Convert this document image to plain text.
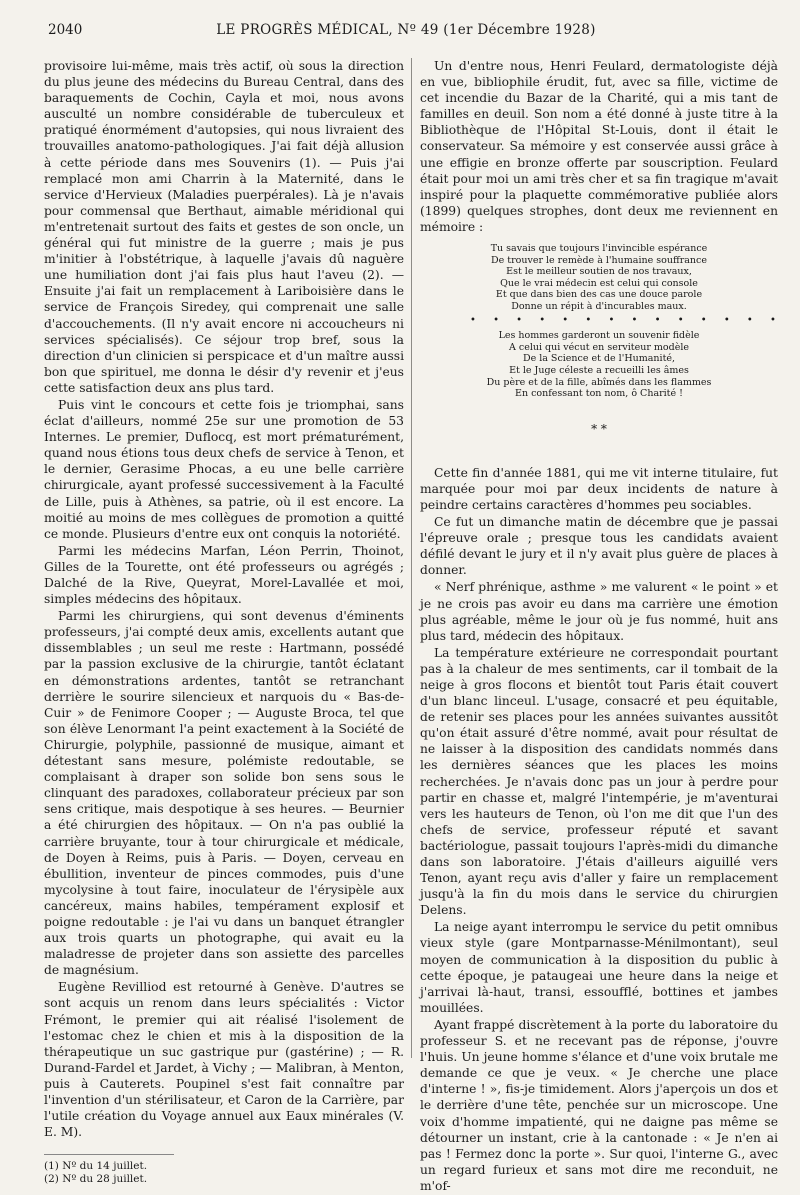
2040	LE PROGRÈS MÉDICAL, Nº 49 (1er Décembre 1928)

provisoire lui-même, mais très actif, où sous la direction du plus jeune des médecins du Bureau Central, dans des baraquements de Cochin, Cayla et moi, nous avons ausculté un nombre considérable de tuberculeux et pratiqué énormément d'autopsies, qui nous livraient des trouvailles anatomo-pathologiques. J'ai fait déjà allusion à cette période dans mes Souvenirs (1). — Puis j'ai remplacé mon ami Charrin à la Maternité, dans le service d'Hervieux (Maladies puerpérales). Là je n'avais pour commensal que Berthaut, aimable méridional qui m'entretenait surtout des faits et gestes de son oncle, un général qui fut ministre de la guerre ; mais je pus m'initier à l'obstétrique, à laquelle j'avais dû naguère une humiliation dont j'ai fais plus haut l'aveu (2). — Ensuite j'ai fait un remplacement à Lariboisière dans le service de François Siredey, qui comprenait une salle d'accouchements. (Il n'y avait encore ni accoucheurs ni services spécialisés). Ce séjour trop bref, sous la direction d'un clinicien si perspicace et d'un maître aussi bon que spirituel, me donna le désir d'y revenir et j'eus cette satisfaction deux ans plus tard.

Puis vint le concours et cette fois je triomphai, sans éclat d'ailleurs, nommé 25e sur une promotion de 53 Internes. Le premier, Duflocq, est mort prématurément, quand nous étions tous deux chefs de service à Tenon, et le dernier, Gerasime Phocas, a eu une belle carrière chirurgicale, ayant professé successivement à la Faculté de Lille, puis à Athènes, sa patrie, où il est encore. La moitié au moins de mes collègues de promotion a quitté ce monde. Plusieurs d'entre eux ont conquis la notoriété.

Parmi les médecins Marfan, Léon Perrin, Thoinot, Gilles de la Tourette, ont été professeurs ou agrégés ; Dalché de la Rive, Queyrat, Morel-Lavallée et moi, simples médecins des hôpitaux.

Parmi les chirurgiens, qui sont devenus d'éminents professeurs, j'ai compté deux amis, excellents autant que dissemblables ; un seul me reste : Hartmann, possédé par la passion exclusive de la chirurgie, tantôt éclatant en démonstrations ardentes, tantôt se retranchant derrière le sourire silencieux et narquois du « Bas-de-Cuir » de Fenimore Cooper ; — Auguste Broca, tel que son élève Lenormant l'a peint exactement à la Société de Chirurgie, polyphile, passionné de musique, aimant et détestant sans mesure, polémiste redoutable, se complaisant à draper son solide bon sens sous le clinquant des paradoxes, collaborateur précieux par son sens critique, mais despotique à ses heures. — Beurnier a été chirurgien des hôpitaux. — On n'a pas oublié la carrière bruyante, tour à tour chirurgicale et médicale, de Doyen à Reims, puis à Paris. — Doyen, cerveau en ébullition, inventeur de pinces commodes, puis d'une mycolysine à tout faire, inoculateur de l'érysipèle aux cancéreux, mains habiles, tempérament explosif et poigne redoutable : je l'ai vu dans un banquet étrangler aux trois quarts un photographe, qui avait eu la maladresse de projeter dans son assiette des parcelles de magnésium.

Eugène Revilliod est retourné à Genève. D'autres se sont acquis un renom dans leurs spécialités : Victor Frémont, le premier qui ait réalisé l'isolement de l'estomac chez le chien et mis à la disposition de la thérapeutique un suc gastrique pur (gastérine) ; — R. Durand-Fardel et Jardet, à Vichy ; — Malibran, à Menton, puis à Cauterets. Poupinel s'est fait connaître par l'invention d'un stérilisateur, et Caron de la Carrière, par l'utile création du Voyage annuel aux Eaux minérales (V. E. M).

(1) Nº du 14 juillet.
(2) Nº du 28 juillet.

Un d'entre nous, Henri Feulard, dermatologiste déjà en vue, bibliophile érudit, fut, avec sa fille, victime de cet incendie du Bazar de la Charité, qui a mis tant de familles en deuil. Son nom a été donné à juste titre à la Bibliothèque de l'Hôpital St-Louis, dont il était le conservateur. Sa mémoire y est conservée aussi grâce à une effigie en bronze offerte par souscription. Feulard était pour moi un ami très cher et sa fin tragique m'avait inspiré pour la plaquette commémorative publiée alors (1899) quelques strophes, dont deux me reviennent en mémoire :

Tu savais que toujours l'invincible espérance
De trouver le remède à l'humaine souffrance
Est le meilleur soutien de nos travaux,
Que le vrai médecin est celui qui console
Et que dans bien des cas une douce parole
Donne un répit à d'incurables maux.
• • • • • • • • • • • • • •
Les hommes garderont un souvenir fidèle
A celui qui vécut en serviteur modèle
De la Science et de l'Humanité,
Et le Juge céleste a recueilli les âmes
Du père et de la fille, abîmés dans les flammes
En confessant ton nom, ô Charité !
* *

Cette fin d'année 1881, qui me vit interne titulaire, fut marquée pour moi par deux incidents de nature à peindre certains caractères d'hommes peu sociables.

Ce fut un dimanche matin de décembre que je passai l'épreuve orale ; presque tous les candidats avaient défilé devant le jury et il n'y avait plus guère de places à donner.

« Nerf phrénique, asthme » me valurent « le point » et je ne crois pas avoir eu dans ma carrière une émotion plus agréable, même le jour où je fus nommé, huit ans plus tard, médecin des hôpitaux.

La température extérieure ne correspondait pourtant pas à la chaleur de mes sentiments, car il tombait de la neige à gros flocons et bientôt tout Paris était couvert d'un blanc linceul. L'usage, consacré et peu équitable, de retenir ses places pour les années suivantes aussitôt qu'on était assuré d'être nommé, avait pour résultat de ne laisser à la disposition des candidats nommés dans les dernières séances que les places les moins recherchées. Je n'avais donc pas un jour à perdre pour partir en chasse et, malgré l'intempérie, je m'aventurai vers les hauteurs de Tenon, où l'on me dit que l'un des chefs de service, professeur réputé et savant bactériologue, passait toujours l'après-midi du dimanche dans son laboratoire. J'étais d'ailleurs aiguillé vers Tenon, ayant reçu avis d'aller y faire un remplacement jusqu'à la fin du mois dans le service du chirurgien Delens.

La neige ayant interrompu le service du petit omnibus vieux style (gare Montparnasse-Ménilmontant), seul moyen de communication à la disposition du public à cette époque, je pataugeai une heure dans la neige et j'arrivai là-haut, transi, essoufflé, bottines et jambes mouillées.

Ayant frappé discrètement à la porte du laboratoire du professeur S. et ne recevant pas de réponse, j'ouvre l'huis. Un jeune homme s'élance et d'une voix brutale me demande ce que je veux. « Je cherche une place d'interne ! », fis-je timidement. Alors j'aperçois un dos et le derrière d'une tête, penchée sur un microscope. Une voix d'homme impatienté, qui ne daigne pas même se détourner un instant, crie à la cantonade : « Je n'en ai pas ! Fermez donc la porte ». Sur quoi, l'interne G., avec un regard furieux et sans mot dire me reconduit, ne m'of-
